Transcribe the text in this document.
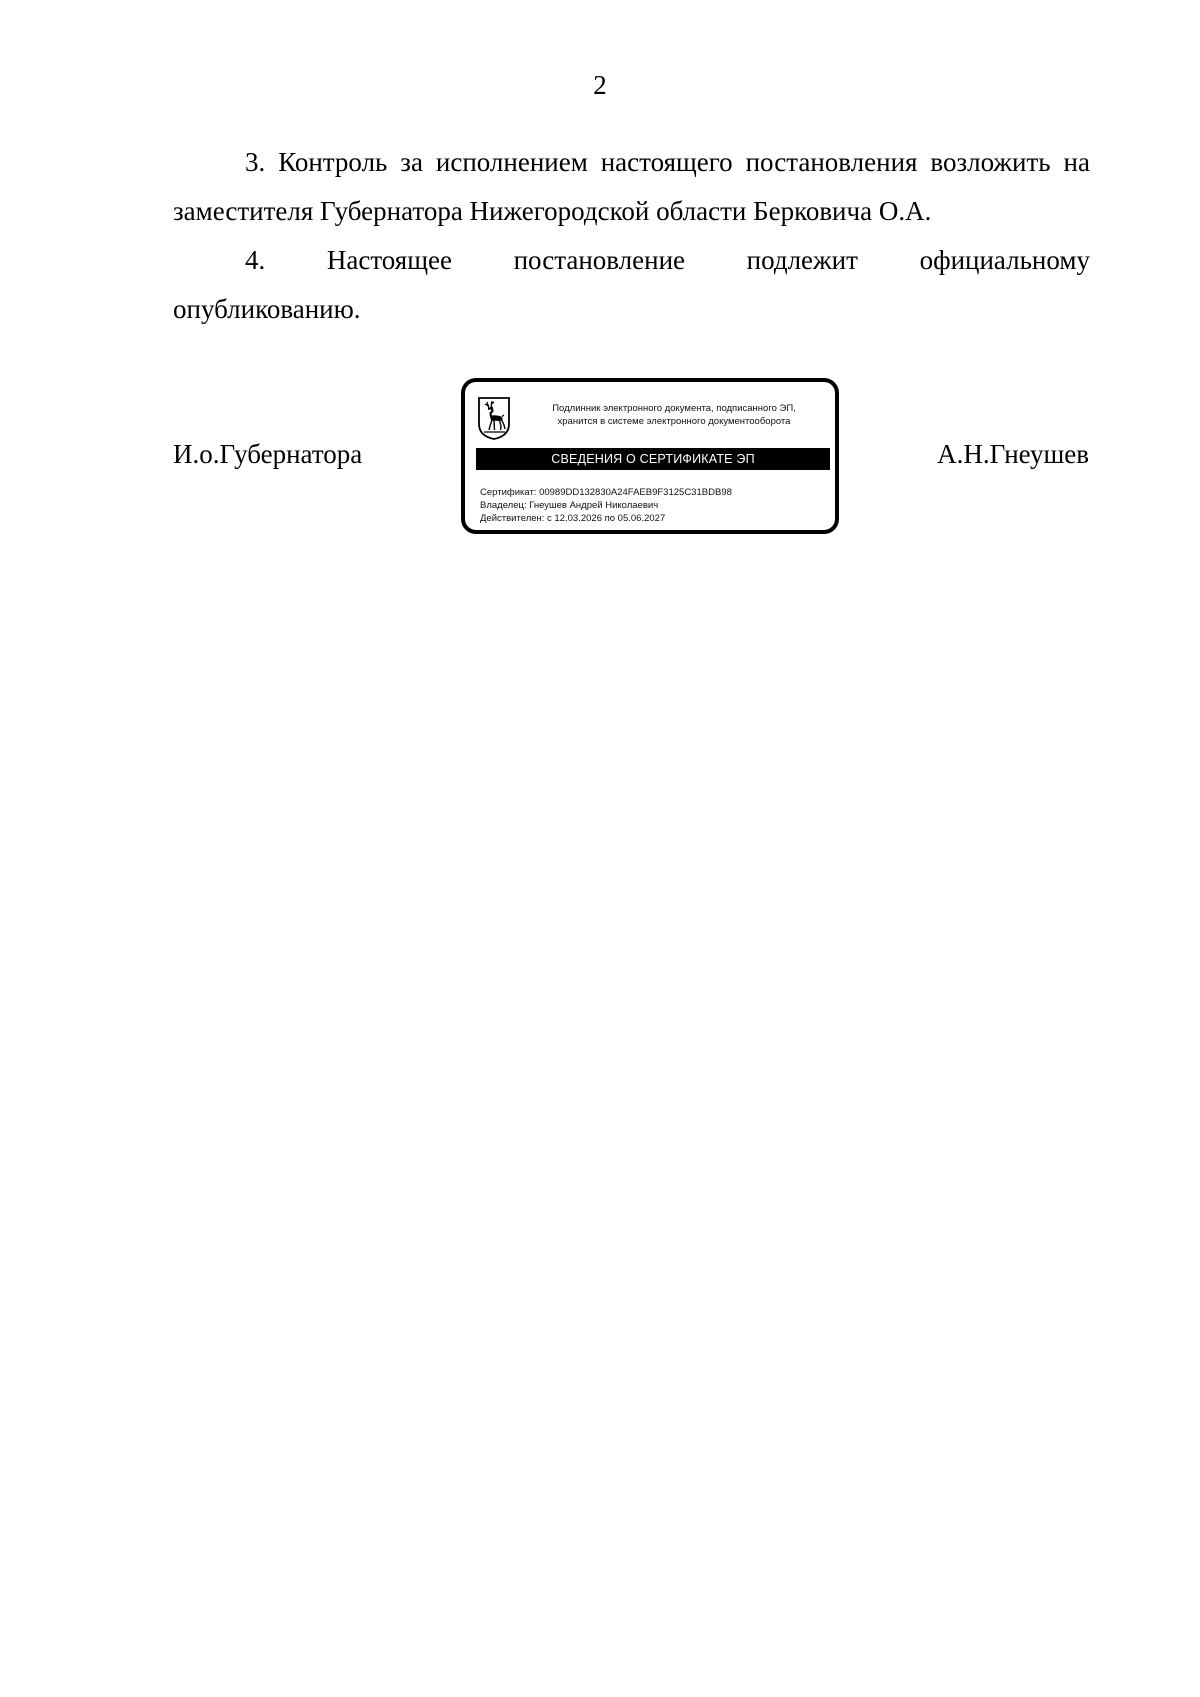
2

3. Контроль за исполнением настоящего постановления возложить на заместителя Губернатора Нижегородской области Берковича О.А.

4. Настоящее постановление подлежит официальному

опубликованию.

И.о.Губернатора
Подлинник электронного документа, подписанного ЭП,
хранится в системе электронного документооборота
СВЕДЕНИЯ О СЕРТИФИКАТЕ ЭП
Сертификат: 00989DD132830A24FAEB9F3125C31BDB98
Владелец: Гнеушев Андрей Николаевич
Действителен: с 12.03.2026 по 05.06.2027
А.Н.Гнеушев
